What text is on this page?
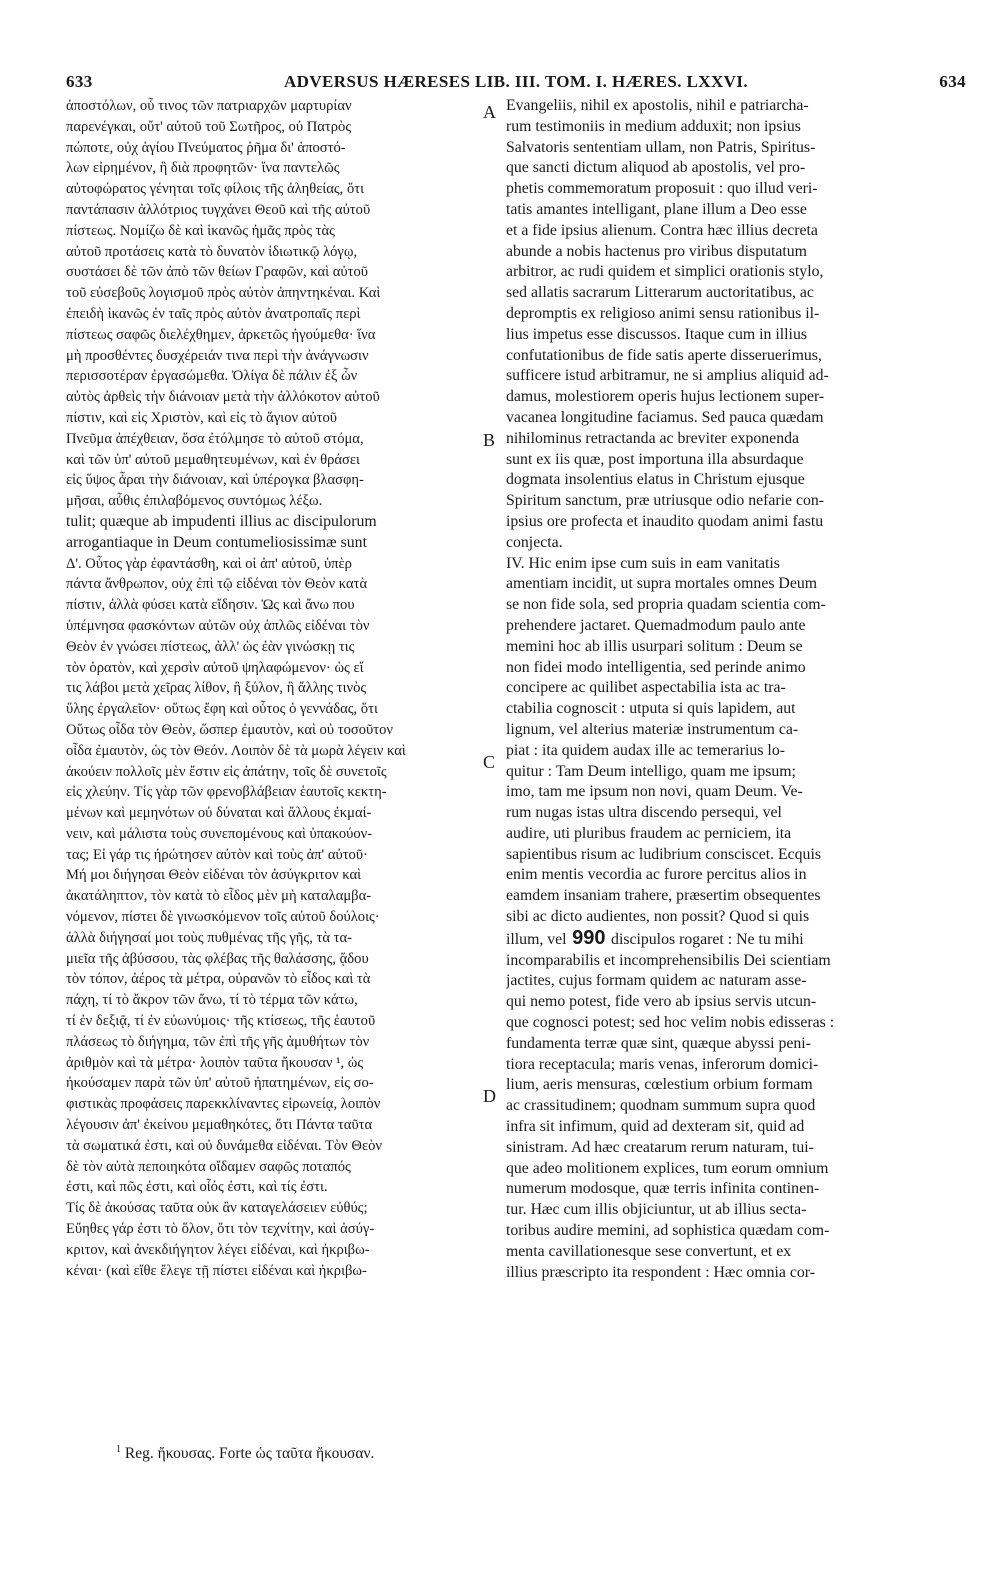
633	ADVERSUS HÆRESES LIB. III. TOM. I. HÆRES. LXXVI.	634
A
B
C
D
ἀποστόλων, οὗ τινος τῶν πατριαρχῶν μαρτυρίαν
παρενέγκαι, οὔτ' αὐτοῦ τοῦ Σωτῆρος, οὐ Πατρὸς
πώποτε, οὐχ ἁγίου Πνεύματος ῥῆμα δι' ἀποστό-
λων εἰρημένον, ἢ διὰ προφητῶν· ἵνα παντελῶς
αὐτοφώρατος γένηται τοῖς φίλοις τῆς ἀληθείας, ὅτι
παντάπασιν ἀλλότριος τυγχάνει Θεοῦ καὶ τῆς αὐτοῦ
πίστεως. Νομίζω δὲ καὶ ἱκανῶς ἡμᾶς πρὸς τὰς
αὐτοῦ προτάσεις κατὰ τὸ δυνατὸν ἰδιωτικῷ λόγῳ,
συστάσει δὲ τῶν ἀπὸ τῶν θείων Γραφῶν, καὶ αὐτοῦ
τοῦ εὐσεβοῦς λογισμοῦ πρὸς αὐτὸν ἀπηντηκέναι. Καὶ
ἐπειδὴ ἱκανῶς ἐν ταῖς πρὸς αὐτὸν ἀνατροπαῖς περὶ
πίστεως σαφῶς διελέχθημεν, ἀρκετῶς ἡγούμεθα· ἵνα
μὴ προσθέντες δυσχέρειάν τινα περὶ τὴν ἀνάγνωσιν
περισσοτέραν ἐργασώμεθα. Ὀλίγα δὲ πάλιν ἐξ ὧν
αὐτὸς ἀρθεὶς τὴν διάνοιαν μετὰ τὴν ἀλλόκοτον αὐτοῦ
πίστιν, καὶ εἰς Χριστὸν, καὶ εἰς τὸ ἅγιον αὐτοῦ
Πνεῦμα ἀπέχθειαν, ὅσα ἐτόλμησε τὸ αὐτοῦ στόμα,
καὶ τῶν ὑπ' αὐτοῦ μεμαθητευμένων, καὶ ἐν θράσει
εἰς ὕψος ἆραι τὴν διάνοιαν, καὶ ὑπέρογκα βλασφη-
μῆσαι, αὖθις ἐπιλαβόμενος συντόμως λέξω.
tulit; quæque ab impudenti illius ac discipulorum
arrogantiaque in Deum contumeliosissimæ sunt
Δ'. Οὗτος γὰρ ἐφαντάσθη, καὶ οἱ ἀπ' αὐτοῦ, ὑπὲρ
πάντα ἄνθρωπον, οὐχ ἐπὶ τῷ εἰδέναι τὸν Θεὸν κατὰ
πίστιν, ἀλλὰ φύσει κατὰ εἴδησιν. Ὡς καὶ ἄνω που
ὑπέμνησα φασκόντων αὐτῶν οὐχ ἁπλῶς εἰδέναι τὸν
Θεὸν ἐν γνώσει πίστεως, ἀλλ' ὡς ἐὰν γινώσκῃ τις
τὸν ὁρατὸν, καὶ χερσὶν αὐτοῦ ψηλαφώμενον· ὡς εἴ
τις λάβοι μετὰ χεῖρας λίθον, ἢ ξύλον, ἢ ἄλλης τινὸς
ὕλης ἐργαλεῖον· οὕτως ἔφη καὶ οὗτος ὁ γεννάδας, ὅτι
Οὕτως οἶδα τὸν Θεὸν, ὥσπερ ἐμαυτὸν, καὶ οὐ τοσοῦτον
οἶδα ἐμαυτὸν, ὡς τὸν Θεόν. Λοιπὸν δὲ τὰ μωρὰ λέγειν καὶ
ἀκούειν πολλοῖς μὲν ἔστιν εἰς ἀπάτην, τοῖς δὲ συνετοῖς
εἰς χλεύην. Τίς γὰρ τῶν φρενοβλάβειαν ἑαυτοῖς κεκτη-
μένων καὶ μεμηνότων οὐ δύναται καὶ ἄλλους ἐκμαί-
νειν, καὶ μάλιστα τοὺς συνεπομένους καὶ ὑπακούον-
τας; Εἰ γάρ τις ἠρώτησεν αὐτὸν καὶ τοὺς ἀπ' αὐτοῦ·
Μή μοι διήγησαι Θεὸν εἰδέναι τὸν ἀσύγκριτον καὶ
ἀκατάληπτον, τὸν κατὰ τὸ εἶδος μὲν μὴ καταλαμβα-
νόμενον, πίστει δὲ γινωσκόμενον τοῖς αὐτοῦ δούλοις·
ἀλλὰ διήγησαί μοι τοὺς πυθμένας τῆς γῆς, τὰ τα-
μιεῖα τῆς ἀβύσσου, τὰς φλέβας τῆς θαλάσσης, ᾅδου
τὸν τόπον, ἀέρος τὰ μέτρα, οὐρανῶν τὸ εἶδος καὶ τὰ
πάχη, τί τὸ ἄκρον τῶν ἄνω, τί τὸ τέρμα τῶν κάτω,
τί ἐν δεξιᾷ, τί ἐν εὐωνύμοις· τῆς κτίσεως, τῆς ἑαυτοῦ
πλάσεως τὸ διήγημα, τῶν ἐπὶ τῆς γῆς ἀμυθήτων τὸν
ἀριθμὸν καὶ τὰ μέτρα· λοιπὸν ταῦτα ἤκουσαν ¹, ὡς
ἠκούσαμεν παρὰ τῶν ὑπ' αὐτοῦ ἠπατημένων, εἰς σο-
φιστικὰς προφάσεις παρεκκλίναντες εἰρωνείᾳ, λοιπὸν
λέγουσιν ἀπ' ἐκείνου μεμαθηκότες, ὅτι Πάντα ταῦτα
τὰ σωματικά ἐστι, καὶ οὐ δυνάμεθα εἰδέναι. Τὸν Θεὸν
δὲ τὸν αὐτὰ πεποιηκότα οἴδαμεν σαφῶς ποταπός
ἐστι, καὶ πῶς ἐστι, καὶ οἷός ἐστι, καὶ τίς ἐστι.
Τίς δὲ ἀκούσας ταῦτα οὐκ ἂν καταγελάσειεν εὐθύς;
Εὔηθες γάρ ἐστι τὸ ὅλον, ὅτι τὸν τεχνίτην, καὶ ἀσύγ-
κριτον, καὶ ἀνεκδιήγητον λέγει εἰδέναι, καὶ ἠκριβω-
κέναι· (καὶ εἴθε ἔλεγε τῇ πίστει εἰδέναι καὶ ἠκριβω-
Evangeliis, nihil ex apostolis, nihil e patriarcha-
rum testimoniis in medium adduxit; non ipsius
Salvatoris sententiam ullam, non Patris, Spiritus-
que sancti dictum aliquod ab apostolis, vel pro-
phetis commemoratum proposuit : quo illud veri-
tatis amantes intelligant, plane illum a Deo esse
et a fide ipsius alienum. Contra hæc illius decreta
abunde a nobis hactenus pro viribus disputatum
arbitror, ac rudi quidem et simplici orationis stylo,
sed allatis sacrarum Litterarum auctoritatibus, ac
depromptis ex religioso animi sensu rationibus il-
lius impetus esse discussos. Itaque cum in illius
confutationibus de fide satis aperte disseruerimus,
sufficere istud arbitramur, ne si amplius aliquid ad-
damus, molestiorem operis hujus lectionem super-
vacanea longitudine faciamus. Sed pauca quædam
nihilominus retractanda ac breviter exponenda
sunt ex iis quæ, post importuna illa absurdaque
dogmata insolentius elatus in Christum ejusque
Spiritum sanctum, præ utriusque odio nefarie con-
ipsius ore profecta et inaudito quodam animi fastu
conjecta.
IV. Hic enim ipse cum suis in eam vanitatis
amentiam incidit, ut supra mortales omnes Deum
se non fide sola, sed propria quadam scientia com-
prehendere jactaret. Quemadmodum paulo ante
memini hoc ab illis usurpari solitum : Deum se
non fidei modo intelligentia, sed perinde animo
concipere ac quilibet aspectabilia ista ac tra-
ctabilia cognoscit : utputa si quis lapidem, aut
lignum, vel alterius materiæ instrumentum ca-
piat : ita quidem audax ille ac temerarius lo-
quitur : Tam Deum intelligo, quam me ipsum;
imo, tam me ipsum non novi, quam Deum. Ve-
rum nugas istas ultra discendo persequi, vel
audire, uti pluribus fraudem ac perniciem, ita
sapientibus risum ac ludibrium consciscet. Ecquis
enim mentis vecordia ac furore percitus alios in
eamdem insaniam trahere, præsertim obsequentes
sibi ac dicto audientes, non possit? Quod si quis
illum, vel 990 discipulos rogaret : Ne tu mihi
incomparabilis et incomprehensibilis Dei scientiam
jactites, cujus formam quidem ac naturam asse-
qui nemo potest, fide vero ab ipsius servis utcun-
que cognosci potest; sed hoc velim nobis edisseras :
fundamenta terræ quæ sint, quæque abyssi peni-
tiora receptacula; maris venas, inferorum domici-
lium, aeris mensuras, cœlestium orbium formam
ac crassitudinem; quodnam summum supra quod
infra sit infimum, quid ad dexteram sit, quid ad
sinistram. Ad hæc creatarum rerum naturam, tui-
que adeo molitionem explices, tum eorum omnium
numerum modosque, quæ terris infinita continen-
tur. Hæc cum illis objiciuntur, ut ab illius secta-
toribus audire memini, ad sophistica quædam com-
menta cavillationesque sese convertunt, et ex
illius præscripto ita respondent : Hæc omnia cor-
$^1$ Reg. ἤκουσας. Forte ὡς ταῦτα ἤκουσαν.
